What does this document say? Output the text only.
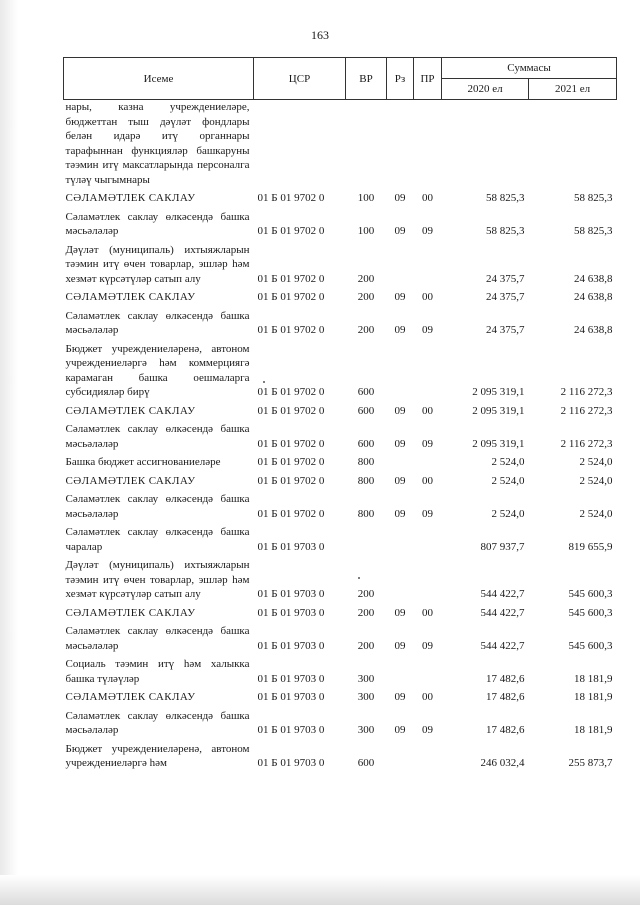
163
Исеме	ЦСР	ВР	Рз	ПР	Суммасы	
					2020 ел	2021 ел
нары, казна учреждениеләре, бюджеттан тыш дәүләт фондлары белән идарә итү органнары тарафыннан функцияләр башкаруны тәэмин итү максатларында персоналга түләү чыгымнары						
СӘЛАМӘТЛЕК САКЛАУ	01 Б 01 9702 0	100	09	00	58 825,3	58 825,3
Сәламәтлек саклау өлкәсендә башка мәсьәләләр	01 Б 01 9702 0	100	09	09	58 825,3	58 825,3
Дәүләт (муниципаль) ихтыяжларын тәэмин итү өчен товарлар, эшләр һәм хезмәт күрсәтүләр сатып алу	01 Б 01 9702 0	200			24 375,7	24 638,8
СӘЛАМӘТЛЕК САКЛАУ	01 Б 01 9702 0	200	09	00	24 375,7	24 638,8
Сәламәтлек саклау өлкәсендә башка мәсьәләләр	01 Б 01 9702 0	200	09	09	24 375,7	24 638,8
Бюджет учреждениеләренә, автоном учреждениеләргә һәм коммерциягә карамаган башка оешмаларга субсидияләр бирү	01 Б 01 9702 0	600			2 095 319,1	2 116 272,3
СӘЛАМӘТЛЕК САКЛАУ	01 Б 01 9702 0	600	09	00	2 095 319,1	2 116 272,3
Сәламәтлек саклау өлкәсендә башка мәсьәләләр	01 Б 01 9702 0	600	09	09	2 095 319,1	2 116 272,3
Башка бюджет ассигнованиеләре	01 Б 01 9702 0	800			2 524,0	2 524,0
СӘЛАМӘТЛЕК САКЛАУ	01 Б 01 9702 0	800	09	00	2 524,0	2 524,0
Сәламәтлек саклау өлкәсендә башка мәсьәләләр	01 Б 01 9702 0	800	09	09	2 524,0	2 524,0
Сәламәтлек саклау өлкәсендә башка чаралар	01 Б 01 9703 0				807 937,7	819 655,9
Дәүләт (муниципаль) ихтыяжларын тәэмин итү өчен товарлар, эшләр һәм хезмәт күрсәтүләр сатып алу	01 Б 01 9703 0	200			544 422,7	545 600,3
СӘЛАМӘТЛЕК САКЛАУ	01 Б 01 9703 0	200	09	00	544 422,7	545 600,3
Сәламәтлек саклау өлкәсендә башка мәсьәләләр	01 Б 01 9703 0	200	09	09	544 422,7	545 600,3
Социаль тәэмин итү һәм халыкка башка түләүләр	01 Б 01 9703 0	300			17 482,6	18 181,9
СӘЛАМӘТЛЕК САКЛАУ	01 Б 01 9703 0	300	09	00	17 482,6	18 181,9
Сәламәтлек саклау өлкәсендә башка мәсьәләләр	01 Б 01 9703 0	300	09	09	17 482,6	18 181,9
Бюджет учреждениеләренә, автоном учреждениеләргә һәм	01 Б 01 9703 0	600			246 032,4	255 873,7
